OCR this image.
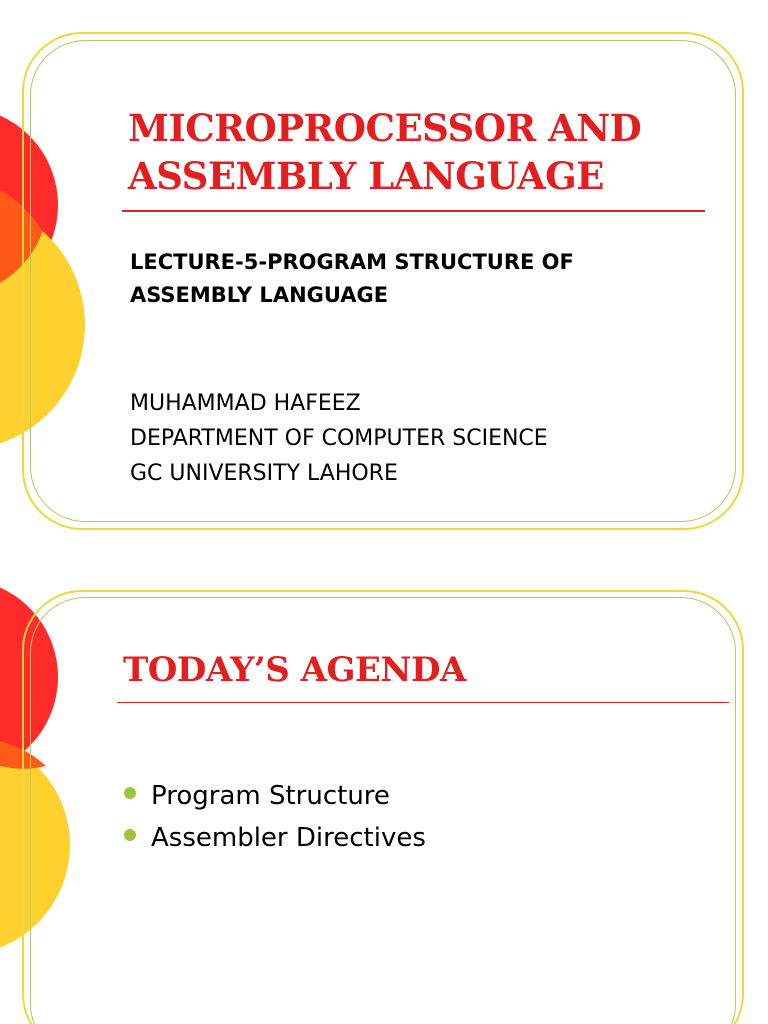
MICROPROCESSOR AND
ASSEMBLY LANGUAGE
LECTURE-5-PROGRAM STRUCTURE OF
ASSEMBLY LANGUAGE
MUHAMMAD HAFEEZ
DEPARTMENT OF COMPUTER SCIENCE
GC UNIVERSITY LAHORE
TODAY’S AGENDA
Program Structure
Assembler Directives
